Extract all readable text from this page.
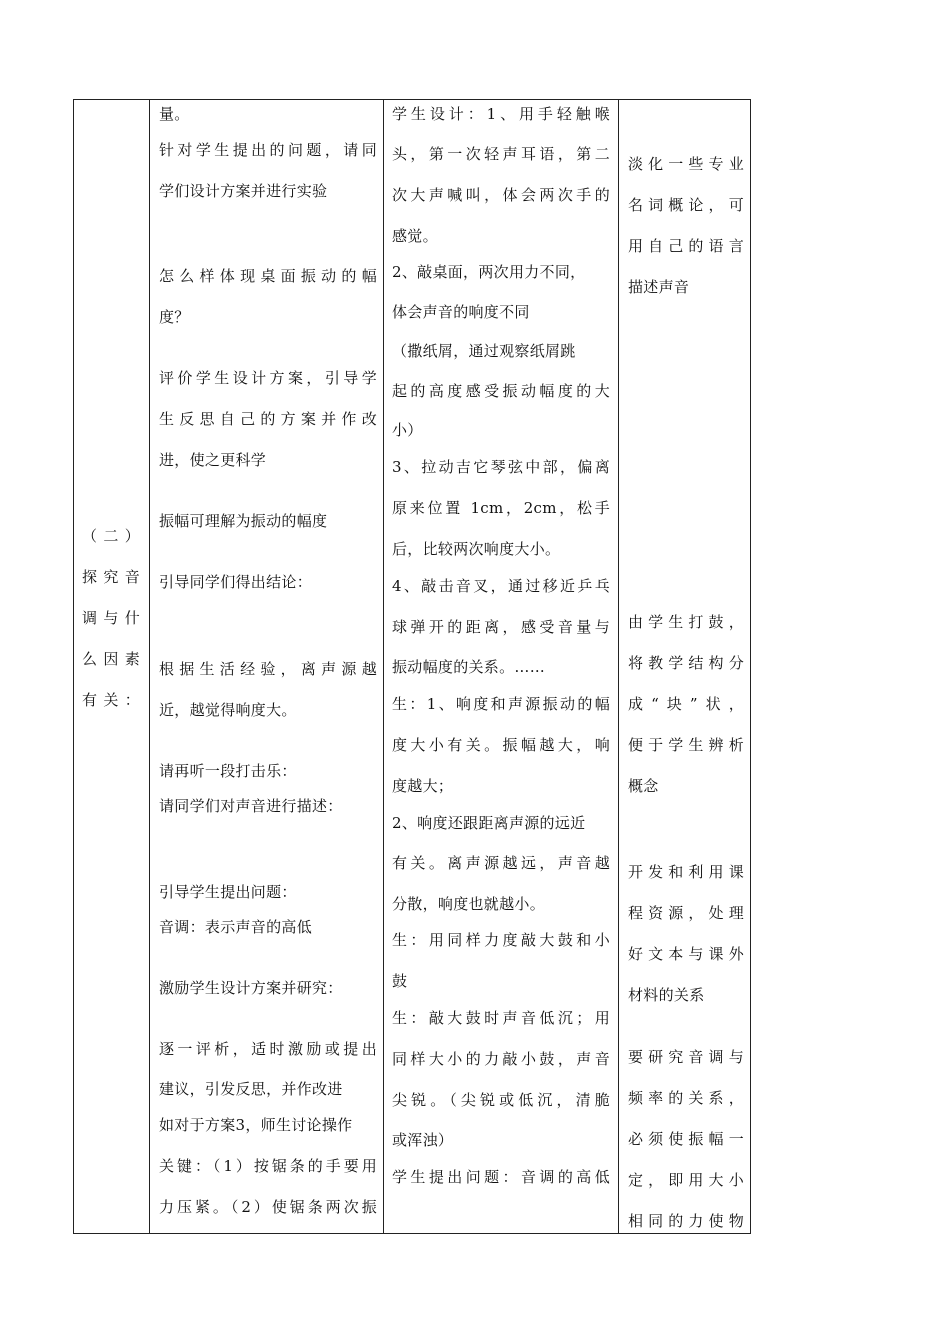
（二）
探究音
调与什
么因素
有关：
量。
针对学生提出的问题，请同
学们设计方案并进行实验
怎么样体现桌面振动的幅
度？
评价学生设计方案，引导学
生反思自己的方案并作改
进，使之更科学
振幅可理解为振动的幅度
引导同学们得出结论：
根据生活经验，离声源越
近，越觉得响度大。
请再听一段打击乐：
请同学们对声音进行描述：
引导学生提出问题：
音调：表示声音的高低
激励学生设计方案并研究：
逐一评析，适时激励或提出
建议，引发反思，并作改进
如对于方案3，师生讨论操作
关键：（1）按锯条的手要用
力压紧。（2）使锯条两次振
学生设计：1、用手轻触喉
头，第一次轻声耳语，第二
次大声喊叫，体会两次手的
感觉。
2、敲桌面，两次用力不同，
体会声音的响度不同
（撒纸屑，通过观察纸屑跳
起的高度感受振动幅度的大
小）
3、拉动吉它琴弦中部，偏离
原来位置 1cm，2cm，松手
后，比较两次响度大小。
4、敲击音叉，通过移近乒乓
球弹开的距离，感受音量与
振动幅度的关系。……
生：1、响度和声源振动的幅
度大小有关。振幅越大，响
度越大；
2、响度还跟距离声源的远近
有关。离声源越远，声音越
分散，响度也就越小。
生：用同样力度敲大鼓和小
鼓
生：敲大鼓时声音低沉；用
同样大小的力敲小鼓，声音
尖锐。（尖锐或低沉，清脆
或浑浊）
学生提出问题：音调的高低
淡化一些专业
名词概论，可
用自己的语言
描述声音
由学生打鼓，
将教学结构分
成“块”状，
便于学生辨析
概念
开发和利用课
程资源，处理
好文本与课外
材料的关系
要研究音调与
频率的关系，
必须使振幅一
定，即用大小
相同的力使物
